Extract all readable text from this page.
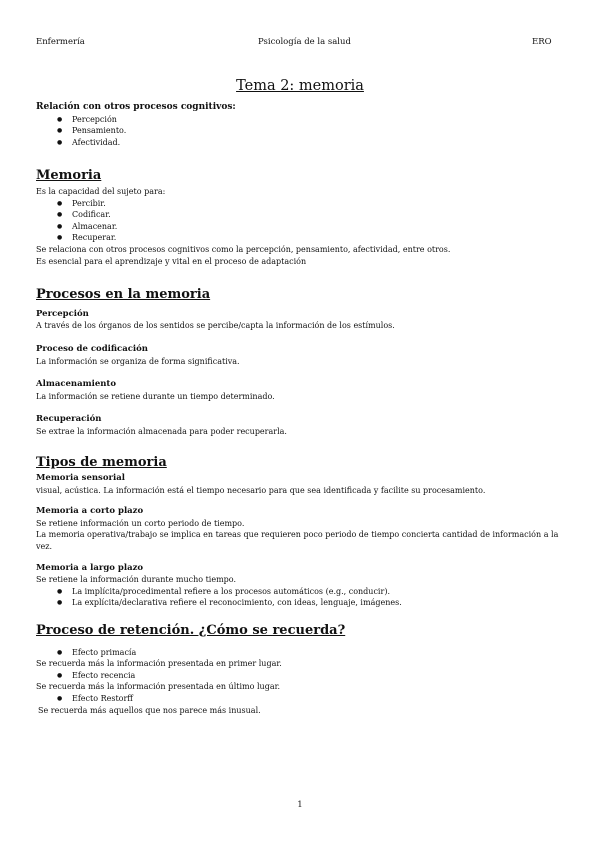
Enfermería	Psicología de la salud	ERO
Tema 2: memoria

Relación con otros procesos cognitivos:

● Percepción
● Pensamiento.
● Afectividad.

Memoria

Es la capacidad del sujeto para:

● Percibir.
● Codificar.
● Almacenar.
● Recuperar.

Se relaciona con otros procesos cognitivos como la percepción, pensamiento, afectividad, entre otros.

Es esencial para el aprendizaje y vital en el proceso de adaptación

Procesos en la memoria

Percepción

A través de los órganos de los sentidos se percibe/capta la información de los estímulos.

Proceso de codificación

La información se organiza de forma significativa.

Almacenamiento

La información se retiene durante un tiempo determinado.

Recuperación

Se extrae la información almacenada para poder recuperarla.

Tipos de memoria

Memoria sensorial

visual, acústica. La información está el tiempo necesario para que sea identificada y facilite su procesamiento.

Memoria a corto plazo

Se retiene información un corto periodo de tiempo.

La memoria operativa/trabajo se implica en tareas que requieren poco periodo de tiempo concierta cantidad de información a la vez.

Memoria a largo plazo

Se retiene la información durante mucho tiempo.

● La implícita/procedimental refiere a los procesos automáticos (e.g., conducir).
● La explícita/declarativa refiere el reconocimiento, con ideas, lenguaje, imágenes.

Proceso de retención. ¿Cómo se recuerda?

● Efecto primacía

Se recuerda más la información presentada en primer lugar.

● Efecto recencia

Se recuerda más la información presentada en último lugar.

● Efecto Restorff

Se recuerda más aquellos que nos parece más inusual.

1
